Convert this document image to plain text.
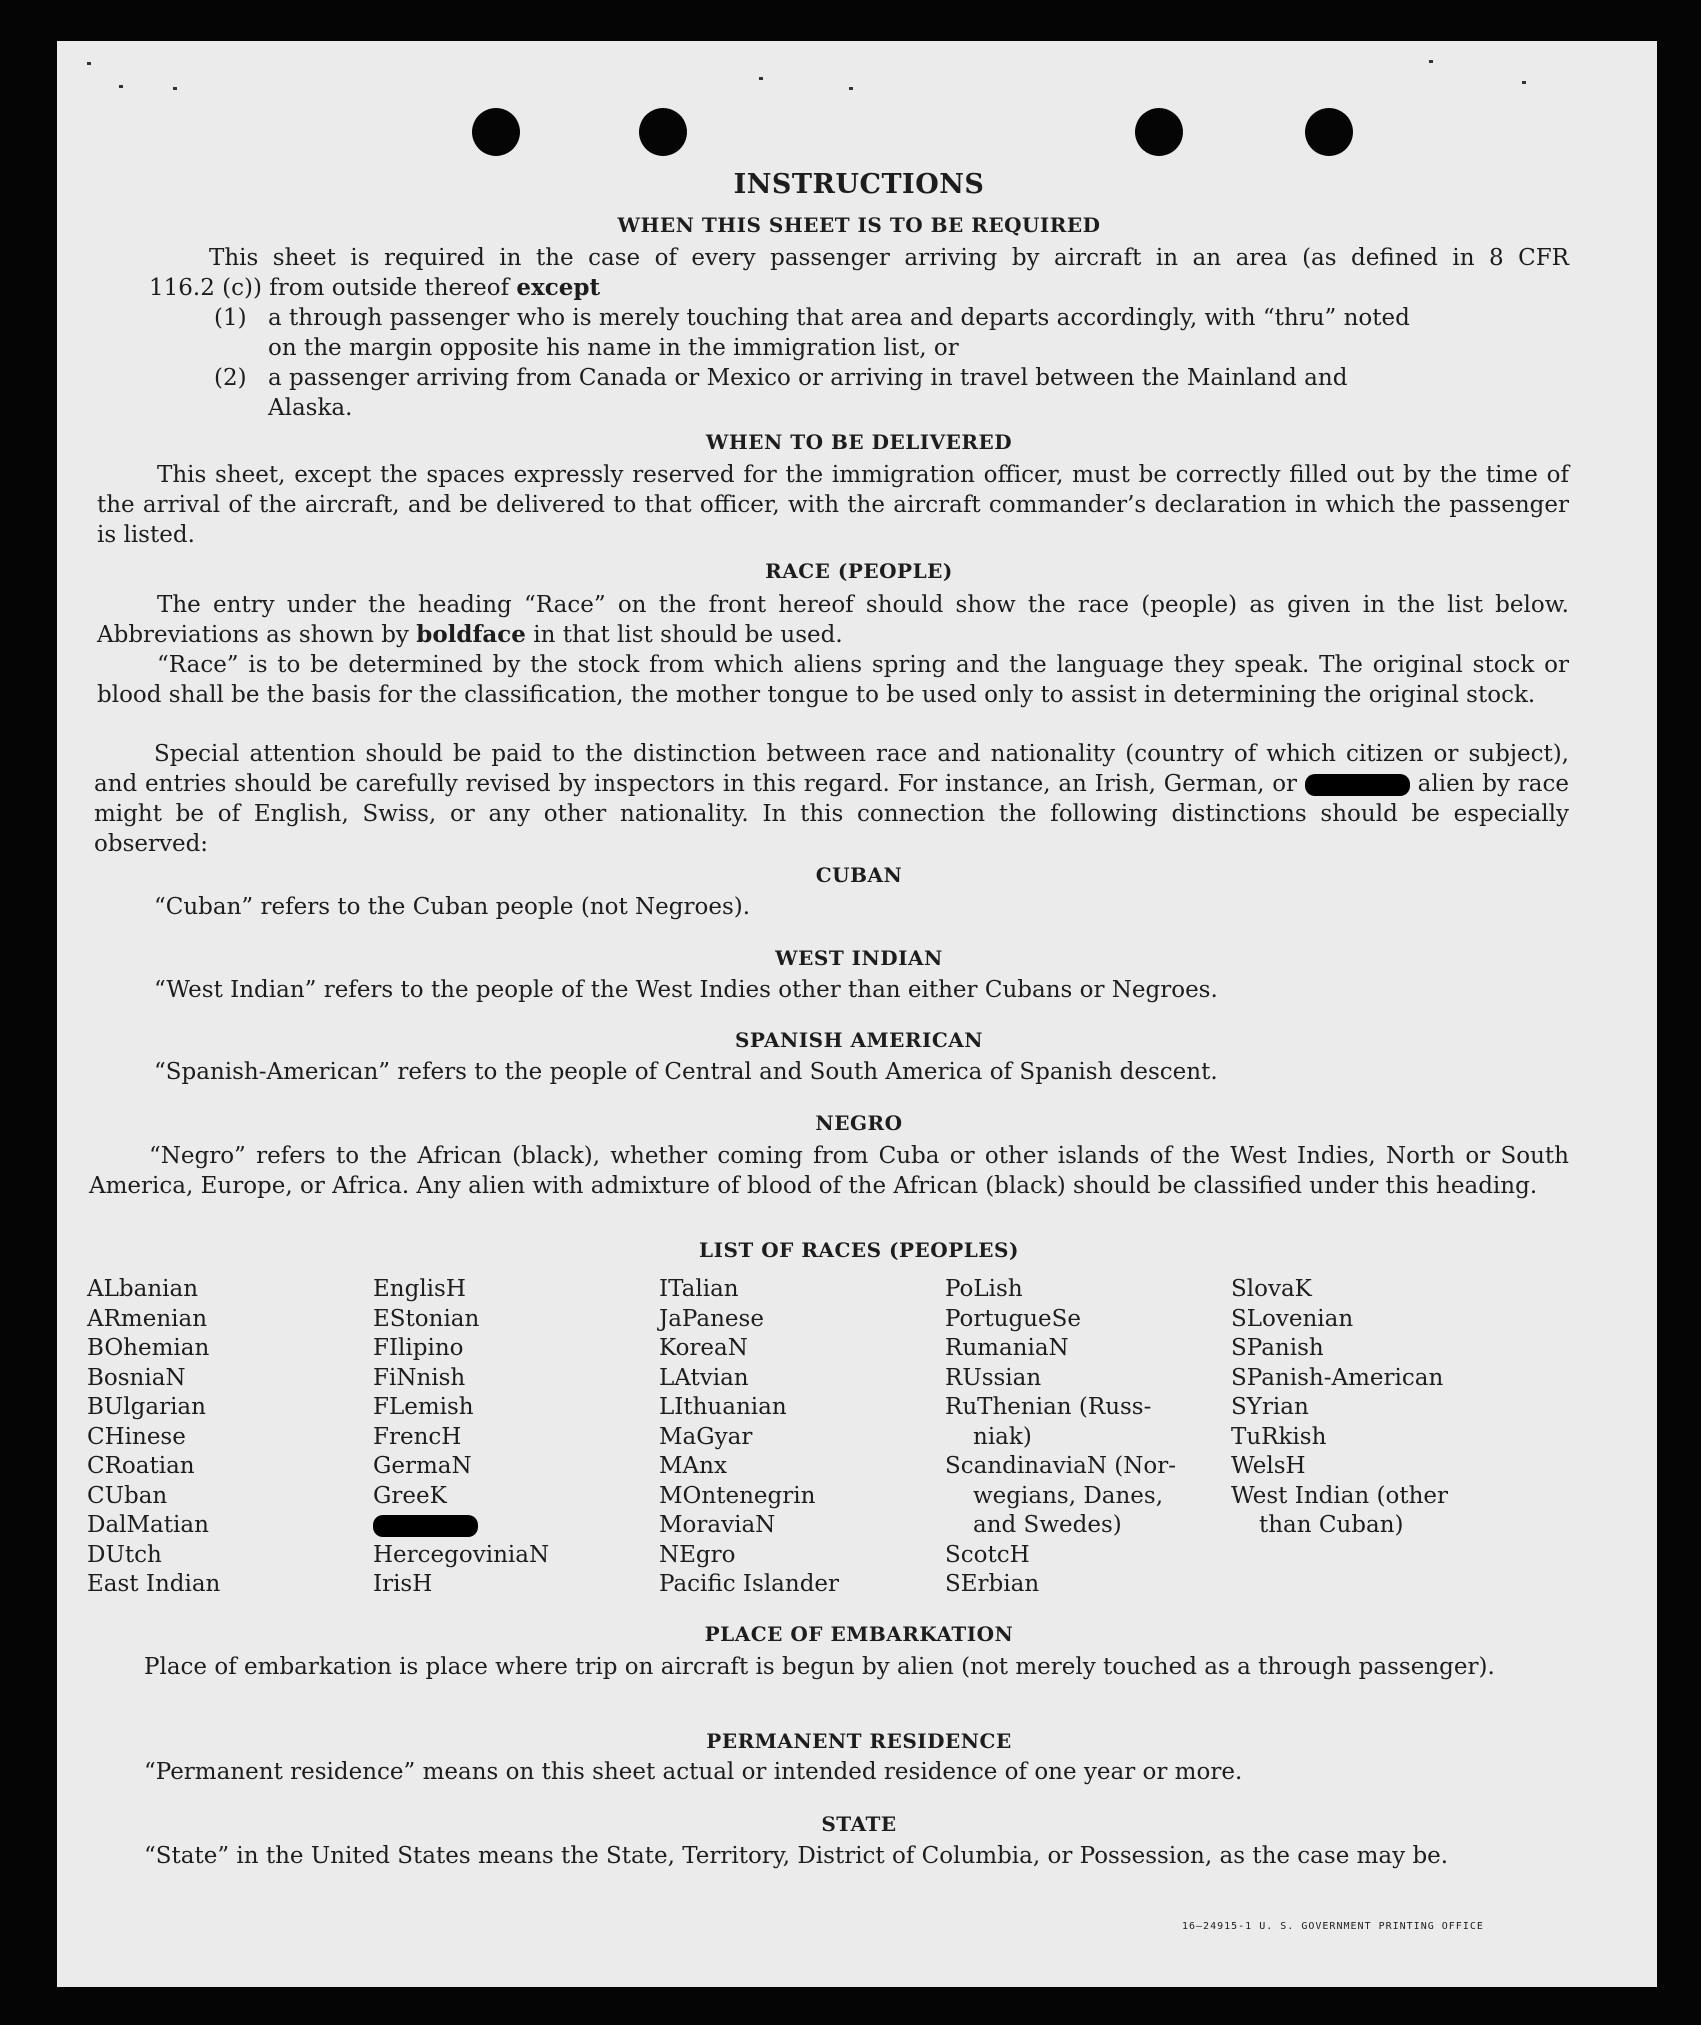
INSTRUCTIONS
WHEN THIS SHEET IS TO BE REQUIRED
This sheet is required in the case of every passenger arriving by aircraft in an area (as defined in 8 CFR
116.2 (c)) from outside thereof except
(1) a through passenger who is merely touching that area and departs accordingly, with “thru” noted
on the margin opposite his name in the immigration list, or
(2) a passenger arriving from Canada or Mexico or arriving in travel between the Mainland and
Alaska.
WHEN TO BE DELIVERED
This sheet, except the spaces expressly reserved for the immigration officer, must be correctly filled out by the time of the arrival of the aircraft, and be delivered to that officer, with the aircraft commander’s declaration in which the passenger is listed.
RACE (PEOPLE)
The entry under the heading “Race” on the front hereof should show the race (people) as given in the list below. Abbreviations as shown by boldface in that list should be used.
“Race” is to be determined by the stock from which aliens spring and the language they speak. The original stock or blood shall be the basis for the classification, the mother tongue to be used only to assist in determining the original stock.
Special attention should be paid to the distinction between race and nationality (country of which citizen or subject), and entries should be carefully revised by inspectors in this regard. For instance, an Irish, German, or	alien by race might be of English, Swiss, or any other nationality. In this connection the following distinctions should be especially observed:
CUBAN
“Cuban” refers to the Cuban people (not Negroes).
WEST INDIAN
“West Indian” refers to the people of the West Indies other than either Cubans or Negroes.
SPANISH AMERICAN
“Spanish-American” refers to the people of Central and South America of Spanish descent.
NEGRO
“Negro” refers to the African (black), whether coming from Cuba or other islands of the West Indies, North or South America, Europe, or Africa. Any alien with admixture of blood of the African (black) should be classified under this heading.
LIST OF RACES (PEOPLES)
ALbanian
ARmenian
BOhemian
BosniaN
BUlgarian
CHinese
CRoatian
CUban
DalMatian
DUtch
East Indian
EnglisH
EStonian
FIlipino
FiNnish
FLemish
FrencH
GermaN
GreeK
HercegoviniaN
IrisH
ITalian
JaPanese
KoreaN
LAtvian
LIthuanian
MaGyar
MAnx
MOntenegrin
MoraviaN
NEgro
Pacific Islander
PoLish
PortugueSe
RumaniaN
RUssian
RuThenian (Russ-
niak)
ScandinaviaN (Nor-
wegians, Danes,
and Swedes)
ScotcH
SErbian
SlovaK
SLovenian
SPanish
SPanish-American
SYrian
TuRkish
WelsH
West Indian (other
than Cuban)
PLACE OF EMBARKATION
Place of embarkation is place where trip on aircraft is begun by alien (not merely touched as a through passenger).
PERMANENT RESIDENCE
“Permanent residence” means on this sheet actual or intended residence of one year or more.
STATE
“State” in the United States means the State, Territory, District of Columbia, or Possession, as the case may be.
16—24915-1 U. S. GOVERNMENT PRINTING OFFICE
